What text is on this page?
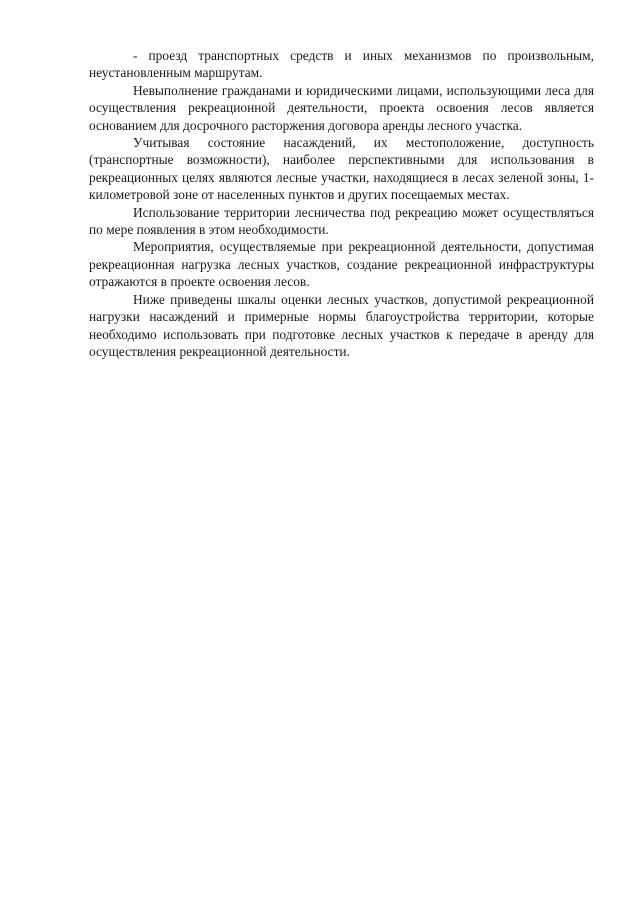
- проезд транспортных средств и иных механизмов по произвольным, неустановленным маршрутам.

Невыполнение гражданами и юридическими лицами, использующими леса для осуществления рекреационной деятельности, проекта освоения лесов является основанием для досрочного расторжения договора аренды лесного участка.

Учитывая состояние насаждений, их местоположение, доступность (транспортные возможности), наиболее перспективными для использования в рекреационных целях являются лесные участки, находящиеся в лесах зеленой зоны, 1-километровой зоне от населенных пунктов и других посещаемых местах.

Использование территории лесничества под рекреацию может осуществляться по мере появления в этом необходимости.

Мероприятия, осуществляемые при рекреационной деятельности, допустимая рекреационная нагрузка лесных участков, создание рекреационной инфраструктуры отражаются в проекте освоения лесов.

Ниже приведены шкалы оценки лесных участков, допустимой рекреационной нагрузки насаждений и примерные нормы благоустройства территории, которые необходимо использовать при подготовке лесных участков к передаче в аренду для осуществления рекреационной деятельности.
